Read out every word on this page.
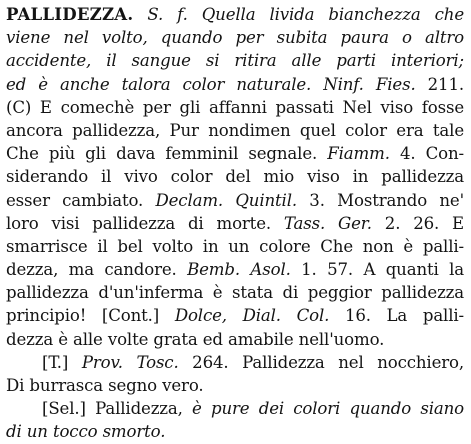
PALLIDEZZA. S. f. Quella livida bianchezza che
viene nel volto, quando per subita paura o altro
accidente, il sangue si ritira alle parti interiori;
ed è anche talora color naturale. Ninf. Fies. 211.
(C) E comechè per gli affanni passati Nel viso fosse
ancora pallidezza, Pur nondimen quel color era tale
Che più gli dava femminil segnale. Fiamm. 4. Con-
siderando il vivo color del mio viso in pallidezza
esser cambiato. Declam. Quintil. 3. Mostrando ne'
loro visi pallidezza di morte. Tass. Ger. 2. 26. E
smarrisce il bel volto in un colore Che non è palli-
dezza, ma candore. Bemb. Asol. 1. 57. A quanti la
pallidezza d'un'inferma è stata di peggior pallidezza
principio! [Cont.] Dolce, Dial. Col. 16. La palli-
dezza è alle volte grata ed amabile nell'uomo.
[T.] Prov. Tosc. 264. Pallidezza nel nocchiero,
Di burrasca segno vero.
[Sel.] Pallidezza, è pure dei colori quando siano
di un tocco smorto.
